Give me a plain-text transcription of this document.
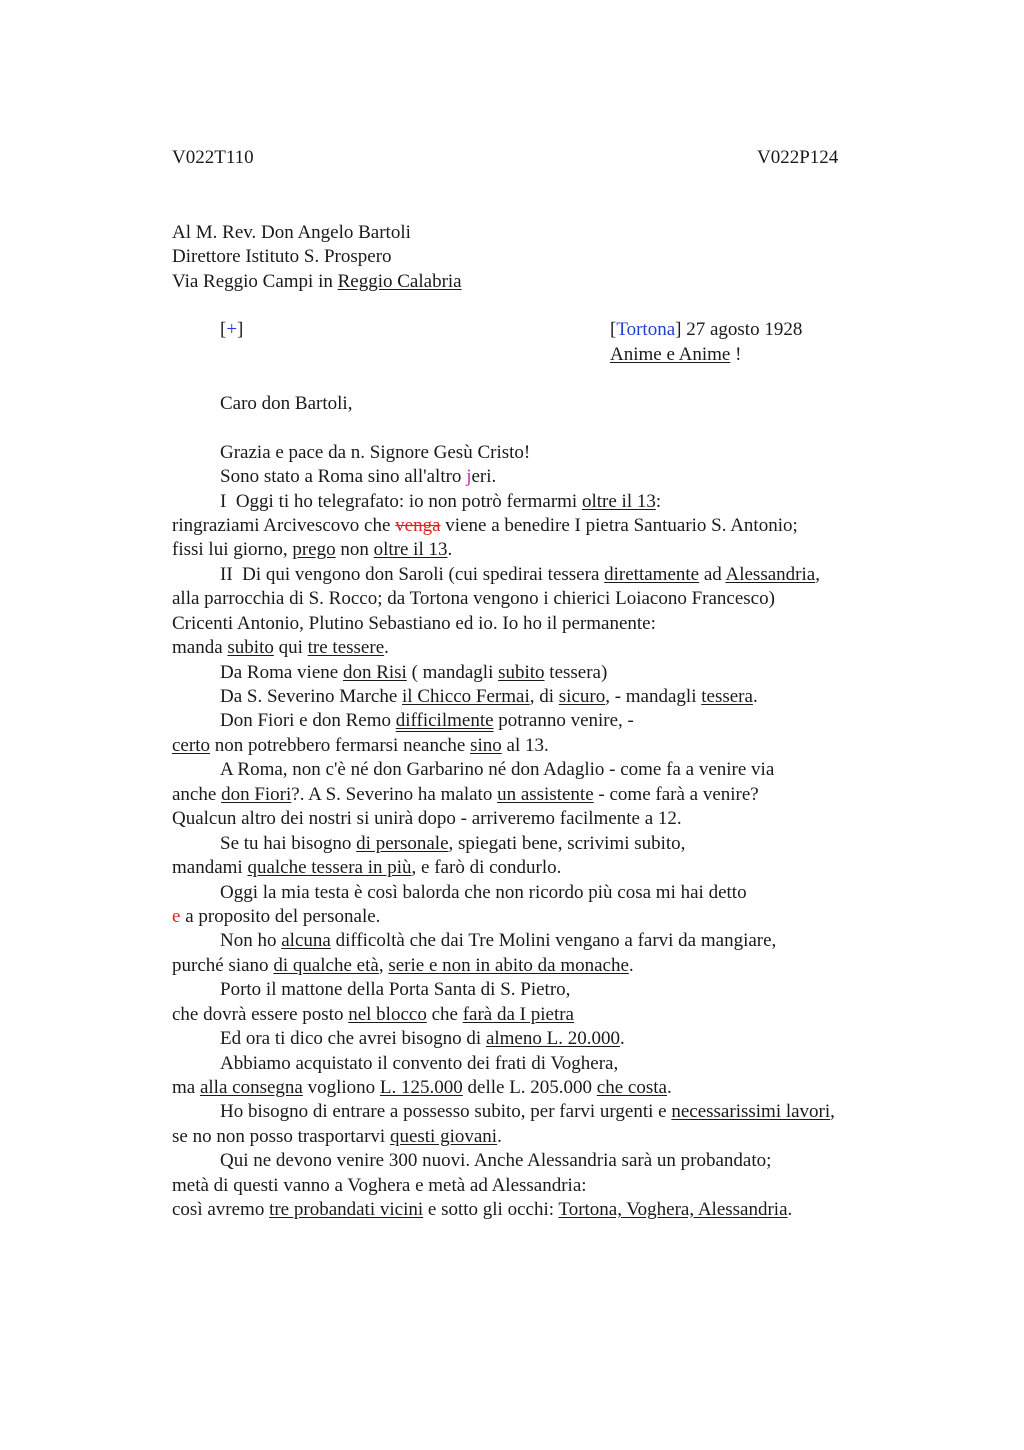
V022T110	V022P124
Al M. Rev. Don Angelo Bartoli
Direttore Istituto S. Prospero
Via Reggio Campi in Reggio Calabria
[+]	[Tortona] 27 agosto 1928
Anime e Anime !
Caro don Bartoli,
Grazia e pace da n. Signore Gesù Cristo!
Sono stato a Roma sino all'altro jeri.
I  Oggi ti ho telegrafato: io non potrò fermarmi oltre il 13:
ringraziami Arcivescovo che venga viene a benedire I pietra Santuario S. Antonio;
fissi lui giorno, prego non oltre il 13.
II  Di qui vengono don Saroli (cui spedirai tessera direttamente ad Alessandria,
alla parrocchia di S. Rocco; da Tortona vengono i chierici Loiacono Francesco)
Cricenti Antonio, Plutino Sebastiano ed io. Io ho il permanente:
manda subito qui tre tessere.
Da Roma viene don Risi ( mandagli subito tessera)
Da S. Severino Marche il Chicco Fermai, di sicuro, - mandagli tessera.
Don Fiori e don Remo difficilmente potranno venire, -
certo non potrebbero fermarsi neanche sino al 13.
A Roma, non c'è né don Garbarino né don Adaglio - come fa a venire via
anche don Fiori?. A S. Severino ha malato un assistente - come farà a venire?
Qualcun altro dei nostri si unirà dopo - arriveremo facilmente a 12.
Se tu hai bisogno di personale, spiegati bene, scrivimi subito,
mandami qualche tessera in più, e farò di condurlo.
Oggi la mia testa è così balorda che non ricordo più cosa mi hai detto
e a proposito del personale.
Non ho alcuna difficoltà che dai Tre Molini vengano a farvi da mangiare,
purché siano di qualche età, serie e non in abito da monache.
Porto il mattone della Porta Santa di S. Pietro,
che dovrà essere posto nel blocco che farà da I pietra
Ed ora ti dico che avrei bisogno di almeno L. 20.000.
Abbiamo acquistato il convento dei frati di Voghera,
ma alla consegna vogliono L. 125.000 delle L. 205.000 che costa.
Ho bisogno di entrare a possesso subito, per farvi urgenti e necessarissimi lavori,
se no non posso trasportarvi questi giovani.
Qui ne devono venire 300 nuovi. Anche Alessandria sarà un probandato;
metà di questi vanno a Voghera e metà ad Alessandria:
così avremo tre probandati vicini e sotto gli occhi: Tortona, Voghera, Alessandria.
